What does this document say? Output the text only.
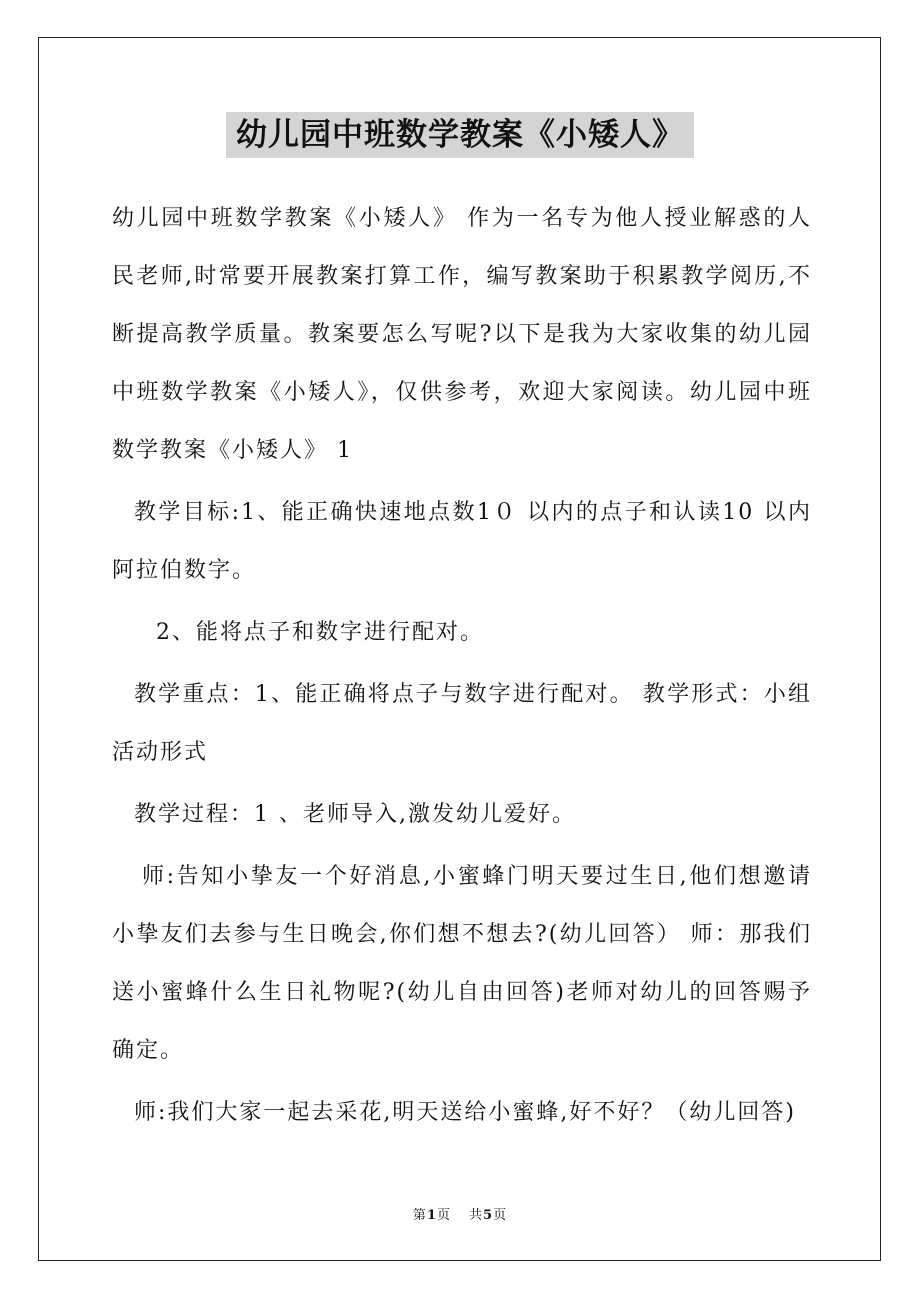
幼儿园中班数学教案《小矮人》

幼儿园中班数学教案《小矮人》﻿ 作为一名专为他人授业解惑的人民老师,时常要开展教案打算工作，编写教案助于积累教学阅历,不断提高教学质量。教案要怎么写呢?以下是我为大家收集的幼儿园中班数学教案《小矮人》，仅供参考，欢迎大家阅读。﻿﻿幼儿园中班数学教案《小矮人》 1

教学目标:1、能正确快速地点数1０ 以内的点子和认读10 以内阿拉伯数字。

2、能将点子和数字进行配对。

教学重点：1、能正确将点子与数字进行配对。﻿ 教学形式：小组活动形式

教学过程：1 ﻿、老师导入,激发幼儿爱好。

师:告知小挚友一个好消息,小蜜蜂门明天要过生日,他们想邀请小挚友们去参与生日晚会,你们想不想去?(幼儿回答）﻿ 师：那我们送小蜜蜂什么生日礼物呢?(幼儿自由回答)老师对幼儿的回答赐予确定。

师:我们大家一起去采花,明天送给小蜜蜂,好不好？（幼儿回答)

第1页 共5页
